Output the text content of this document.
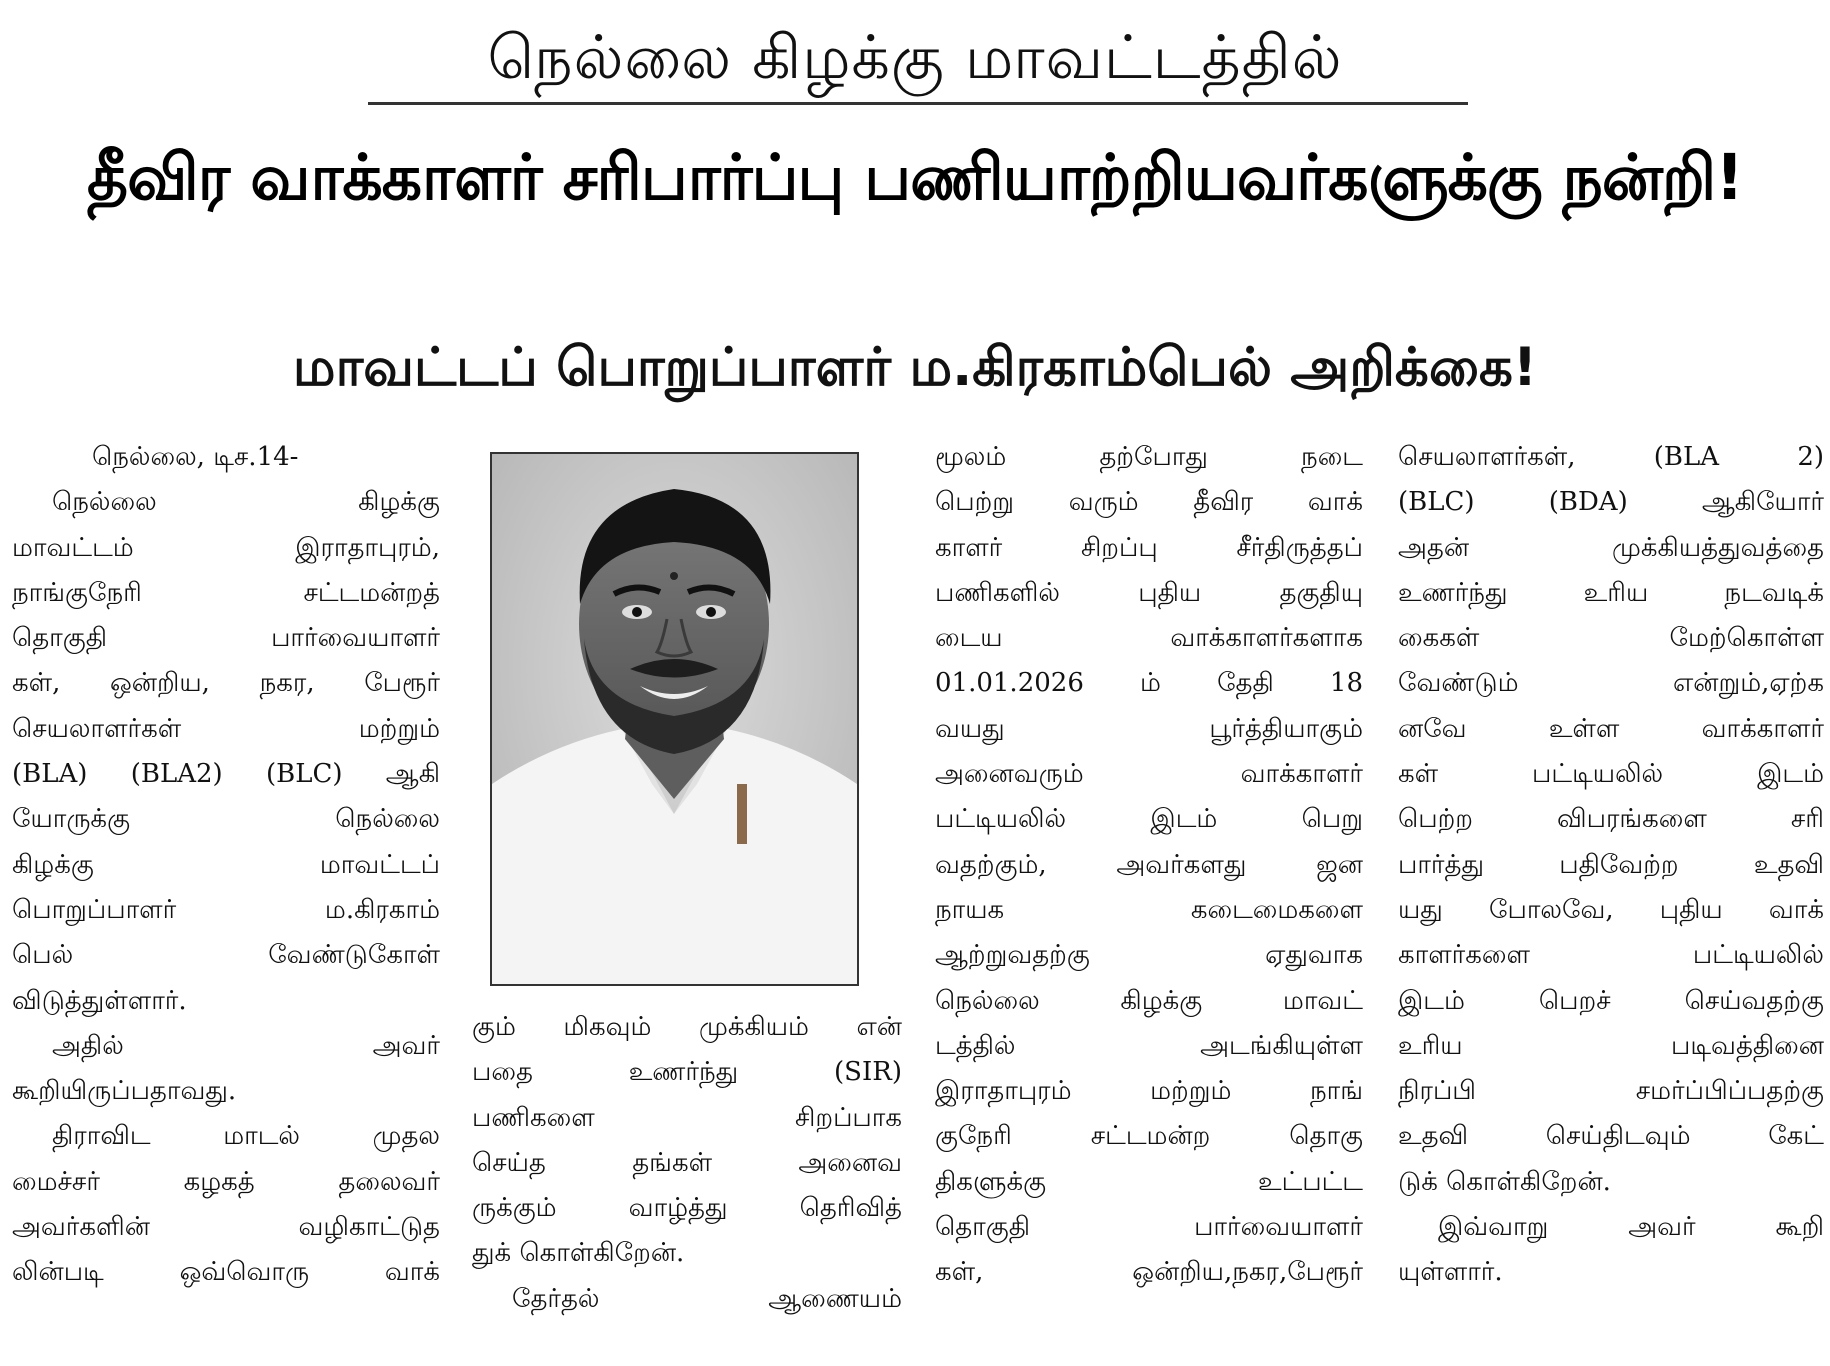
நெல்லை கிழக்கு மாவட்டத்தில்
தீவிர வாக்காளர் சரிபார்ப்பு பணியாற்றியவர்களுக்கு நன்றி!
மாவட்டப் பொறுப்பாளர் ம.கிரகாம்பெல் அறிக்கை!
நெல்லை, டிச.14-
நெல்லை கிழக்கு
மாவட்டம் இராதாபுரம்,
நாங்குநேரி சட்டமன்றத்
தொகுதி பார்வையாளர்
கள், ஒன்றிய, நகர, பேரூர்
செயலாளர்கள் மற்றும்
(BLA) (BLA2) (BLC) ஆகி
யோருக்கு நெல்லை
கிழக்கு மாவட்டப்
பொறுப்பாளர் ம.கிரகாம்
பெல் வேண்டுகோள்
விடுத்துள்ளார்.
அதில் அவர்
கூறியிருப்பதாவது.
திராவிட மாடல் முதல
மைச்சர் கழகத் தலைவர்
அவர்களின் வழிகாட்டுத
லின்படி ஒவ்வொரு வாக்
கும் மிகவும் முக்கியம் என்
பதை உணர்ந்து (SIR)
பணிகளை சிறப்பாக
செய்த தங்கள் அனைவ
ருக்கும் வாழ்த்து தெரிவித்
துக் கொள்கிறேன்.
தேர்தல் ஆணையம்
மூலம் தற்போது நடை
பெற்று வரும் தீவிர வாக்
காளர் சிறப்பு சீர்திருத்தப்
பணிகளில் புதிய தகுதியு
டைய வாக்காளர்களாக
01.01.2026 ம் தேதி 18
வயது பூர்த்தியாகும்
அனைவரும் வாக்காளர்
பட்டியலில் இடம் பெறு
வதற்கும், அவர்களது ஜன
நாயக கடைமைகளை
ஆற்றுவதற்கு ஏதுவாக
நெல்லை கிழக்கு மாவட்
டத்தில் அடங்கியுள்ள
இராதாபுரம் மற்றும் நாங்
குநேரி சட்டமன்ற தொகு
திகளுக்கு உட்பட்ட
தொகுதி பார்வையாளர்
கள், ஒன்றிய,நகர,பேரூர்
செயலாளர்கள், (BLA 2)
(BLC) (BDA) ஆகியோர்
அதன் முக்கியத்துவத்தை
உணர்ந்து உரிய நடவடிக்
கைகள் மேற்கொள்ள
வேண்டும் என்றும்,ஏற்க
னவே உள்ள வாக்காளர்
கள் பட்டியலில் இடம்
பெற்ற விபரங்களை சரி
பார்த்து பதிவேற்ற உதவி
யது போலவே, புதிய வாக்
காளர்களை பட்டியலில்
இடம் பெறச் செய்வதற்கு
உரிய படிவத்தினை
நிரப்பி சமர்ப்பிப்பதற்கு
உதவி செய்திடவும் கேட்
டுக் கொள்கிறேன்.
இவ்வாறு அவர் கூறி
யுள்ளார்.
